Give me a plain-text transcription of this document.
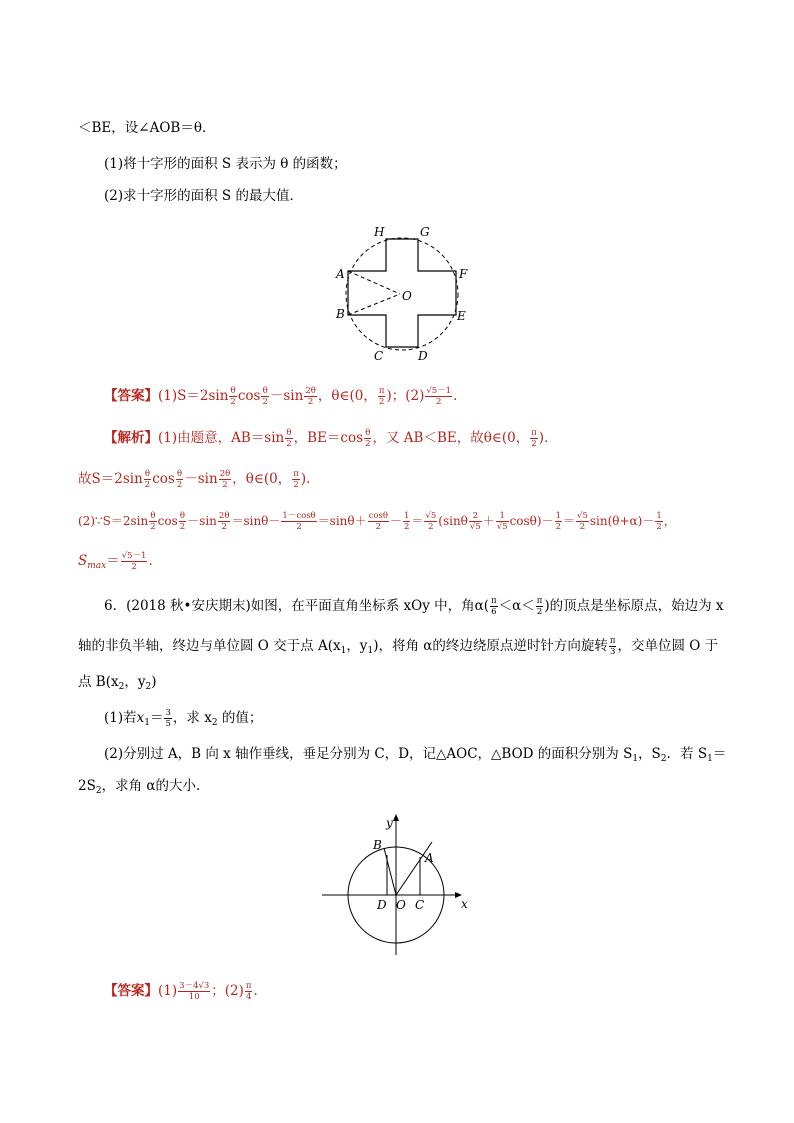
＜BE，设∠AOB＝θ．
(1)将十字形的面积 S 表示为 θ 的函数；
(2)求十字形的面积 S 的最大值．
H	G
A	F
O
B	E
C	D
【答案】$(1)S=2\sin \frac{\theta}{2}$ $\cos \frac{\theta}{2} -\sin \frac{2\theta}{2}$ ，θ∈(0， $\frac{\pi}{2}$ )；$(2) \frac{√5-1}{2}$ ．
【解析】(1)由题意，$AB=\sin \frac{\theta}{2}$ ，$BE=\cos \frac{\theta}{2}$ ，又 AB＜BE，故θ∈(0， $\frac{\pi}{2}$ )．
故$S=2\sin \frac{\theta}{2}$ $\cos \frac{\theta}{2} -\sin \frac{2\theta}{2}$ ，θ∈(0， $\frac{\pi}{2}$ )．
(2)∵S＝2sin $\frac{\theta}{2}$ $\cos \frac{\theta}{2} -\sin \frac{2\theta}{2} =\sin\theta- \frac{1-\cos\theta}{2} =\sin\theta+ \frac{\cos\theta}{2} - \frac{1}{2} = \frac{√5}{2} (\sin\theta \frac{2}{√5} + \frac{1}{√5} \cos\theta)- \frac{1}{2} = \frac{√5}{2} \sin(\theta+\alpha)- \frac{1}{2}$ ，
$S_{max}= \frac{√5-1}{2}$ ．
6．(2018 秋•安庆期末)如图，在平面直角坐标系 xOy 中，角$\alpha( \frac{\pi}{6} <\alpha< \frac{\pi}{2}$ )的顶点是坐标原点，始边为 x
轴的非负半轴，终边与单位圆 O 交于点 $A(x_1$，$y_1$)，将角 α的终边绕原点逆时针方向旋转 $\frac{\pi}{3}$ ，交单位圆 O 于
点 $B(x_2$，$y_2$)
(1)若$x_1= \frac{3}{5}$ ，求 $x_2$ 的值；
(2)分别过 A，B 向 x 轴作垂线，垂足分别为 C，D，记△AOC，△BOD 的面积分别为 $S_1$，$S_2$．若 $S_1=$
$2S_2$，求角 α的大小．
y
x
B
A
D O C
【答案】$(1) \frac{3-4√3}{10}$ ；$(2) \frac{\pi}{4}$ ．
